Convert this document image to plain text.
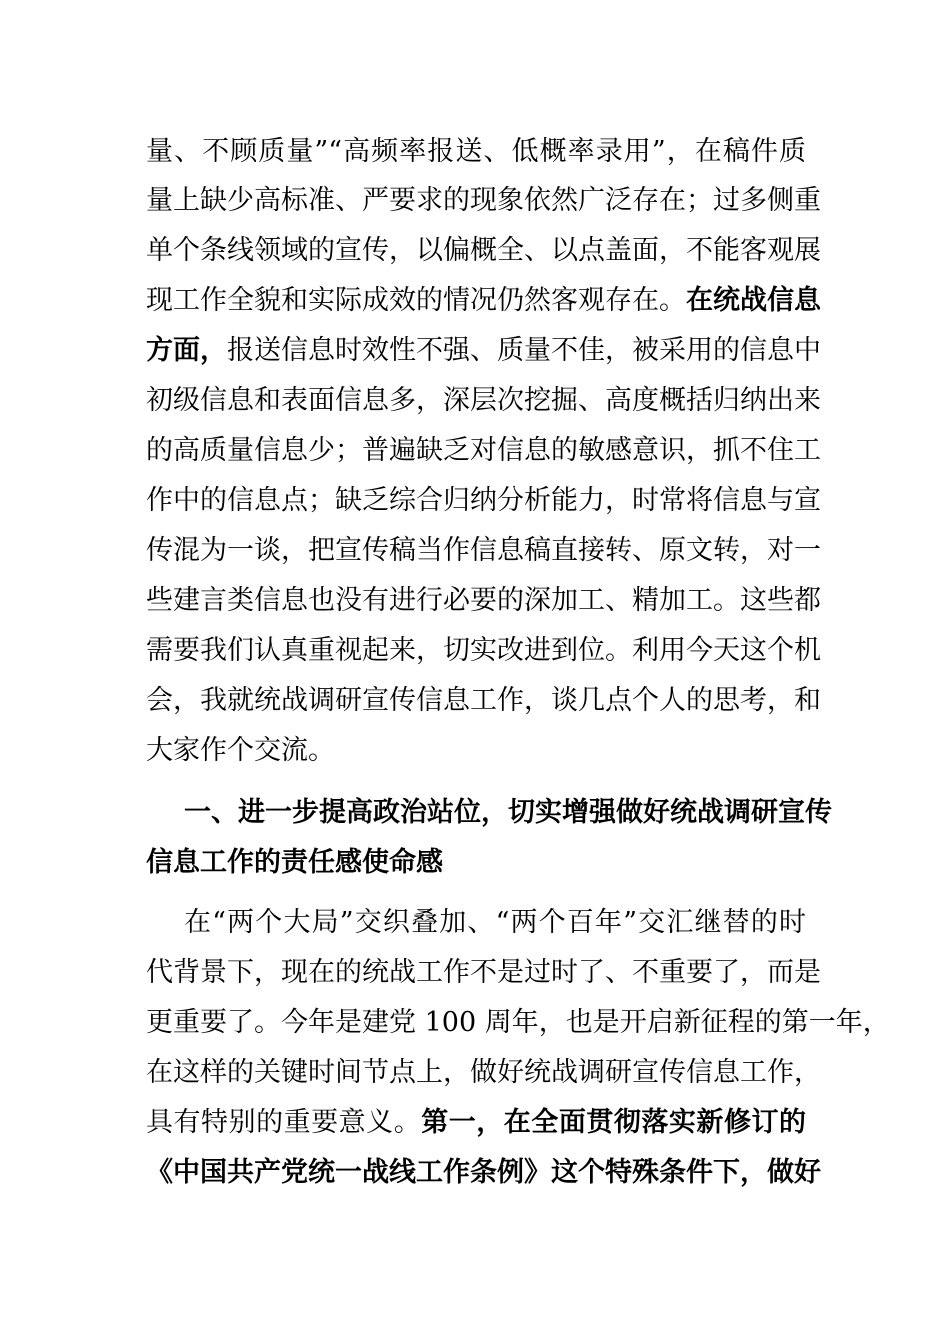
量、不顾质量”“高频率报送、低概率录用”，在稿件质
量上缺少高标准、严要求的现象依然广泛存在；过多侧重
单个条线领域的宣传，以偏概全、以点盖面，不能客观展
现工作全貌和实际成效的情况仍然客观存在。在统战信息
方面，报送信息时效性不强、质量不佳，被采用的信息中
初级信息和表面信息多，深层次挖掘、高度概括归纳出来
的高质量信息少；普遍缺乏对信息的敏感意识，抓不住工
作中的信息点；缺乏综合归纳分析能力，时常将信息与宣
传混为一谈，把宣传稿当作信息稿直接转、原文转，对一
些建言类信息也没有进行必要的深加工、精加工。这些都
需要我们认真重视起来，切实改进到位。利用今天这个机
会，我就统战调研宣传信息工作，谈几点个人的思考，和
大家作个交流。
一、进一步提高政治站位，切实增强做好统战调研宣传
信息工作的责任感使命感
在“两个大局”交织叠加、“两个百年”交汇继替的时
代背景下，现在的统战工作不是过时了、不重要了，而是
更重要了。今年是建党 100 周年，也是开启新征程的第一年，
在这样的关键时间节点上，做好统战调研宣传信息工作，
具有特别的重要意义。第一，在全面贯彻落实新修订的
《中国共产党统一战线工作条例》这个特殊条件下，做好
